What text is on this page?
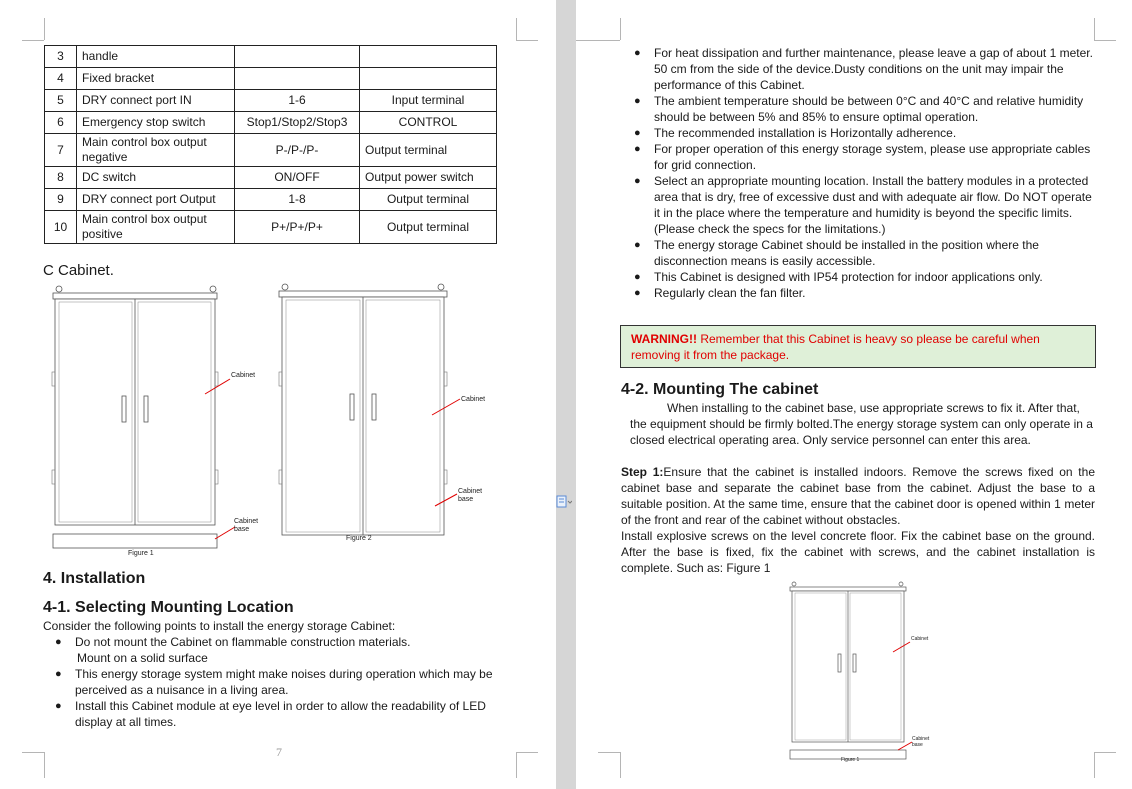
3	handle		
4	Fixed bracket		
5	DRY connect port IN	1-6	Input terminal
6	Emergency stop switch	Stop1/Stop2/Stop3	CONTROL
7	Main control box output negative	P-/P-/P-	Output terminal
8	DC switch	ON/OFF	Output power switch
9	DRY connect port Output	1-8	Output terminal
10	Main control box output positive	P+/P+/P+	Output terminal
C Cabinet.
Cabinet
Cabinet base
Figure 1
Cabinet
Cabinet base
Figure 2
4. Installation
4-1. Selecting Mounting Location
Consider the following points to install the energy storage Cabinet:
● Do not mount the Cabinet on flammable construction materials.
Mount on a solid surface
● This energy storage system might make noises during operation which may be perceived as a nuisance in a living area.
● Install this Cabinet module at eye level in order to allow the readability of LED display at all times.
7
● For heat dissipation and further maintenance, please leave a gap of about 1 meter. 50 cm from the side of the device.Dusty conditions on the unit may impair the performance of this Cabinet.
● The ambient temperature should be between 0°C and 40°C and relative humidity should be between 5% and 85% to ensure optimal operation.
● The recommended installation is Horizontally adherence.
● For proper operation of this energy storage system, please use appropriate cables for grid connection.
● Select an appropriate mounting location. Install the battery modules in a protected area that is dry, free of excessive dust and with adequate air flow. Do NOT operate it in the place where the temperature and humidity is beyond the specific limits. (Please check the specs for the limitations.)
● The energy storage Cabinet should be installed in the position where the disconnection means is easily accessible.
● This Cabinet is designed with IP54 protection for indoor applications only.
● Regularly clean the fan filter.
WARNING!! Remember that this Cabinet is heavy so please be careful when removing it from the package.
4-2. Mounting The cabinet
When installing to the cabinet base, use appropriate screws to fix it. After that, the equipment should be firmly bolted.The energy storage system can only operate in a closed electrical operating area. Only service personnel can enter this area.
Step 1:Ensure that the cabinet is installed indoors. Remove the screws fixed on the cabinet base and separate the cabinet base from the cabinet. Adjust the base to a suitable position. At the same time, ensure that the cabinet door is opened within 1 meter of the front and rear of the cabinet without obstacles.
Install explosive screws on the level concrete floor. Fix the cabinet base on the ground. After the base is fixed, fix the cabinet with screws, and the cabinet installation is complete. Such as: Figure 1
Cabinet
Cabinet base
Figure 1
